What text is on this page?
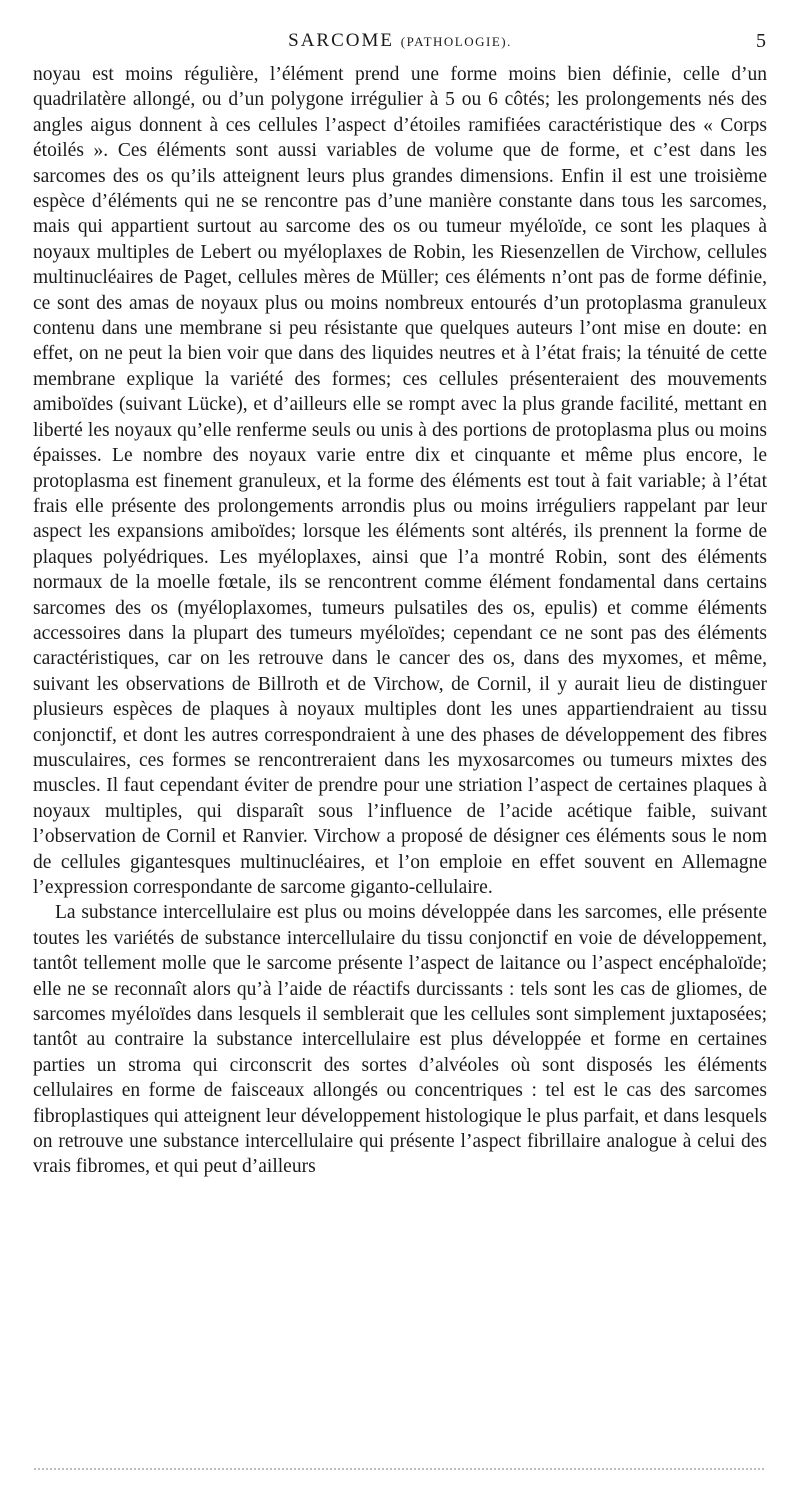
SARCOME (PATHOLOGIE).	5

noyau est moins régulière, l’élément prend une forme moins bien définie, celle d’un quadrilatère allongé, ou d’un polygone irrégulier à 5 ou 6 côtés; les prolongements nés des angles aigus donnent à ces cellules l’aspect d’étoiles ramifiées caractéristique des « Corps étoilés ». Ces éléments sont aussi variables de volume que de forme, et c’est dans les sarcomes des os qu’ils atteignent leurs plus grandes dimensions. Enfin il est une troisième espèce d’éléments qui ne se rencontre pas d’une manière constante dans tous les sarcomes, mais qui appartient surtout au sarcome des os ou tumeur myéloïde, ce sont les plaques à noyaux multiples de Lebert ou myéloplaxes de Robin, les Riesenzellen de Virchow, cellules multinucléaires de Paget, cellules mères de Müller; ces éléments n’ont pas de forme définie, ce sont des amas de noyaux plus ou moins nombreux entourés d’un protoplasma granuleux contenu dans une membrane si peu résistante que quelques auteurs l’ont mise en doute: en effet, on ne peut la bien voir que dans des liquides neutres et à l’état frais; la ténuité de cette membrane explique la variété des formes; ces cellules présenteraient des mouvements amiboïdes (suivant Lücke), et d’ailleurs elle se rompt avec la plus grande facilité, mettant en liberté les noyaux qu’elle renferme seuls ou unis à des portions de protoplasma plus ou moins épaisses. Le nombre des noyaux varie entre dix et cinquante et même plus encore, le protoplasma est finement granuleux, et la forme des éléments est tout à fait variable; à l’état frais elle présente des prolongements arrondis plus ou moins irréguliers rappelant par leur aspect les expansions amiboïdes; lorsque les éléments sont altérés, ils prennent la forme de plaques polyédriques. Les myéloplaxes, ainsi que l’a montré Robin, sont des éléments normaux de la moelle fœtale, ils se rencontrent comme élément fondamental dans certains sarcomes des os (myéloplaxomes, tumeurs pulsatiles des os, epulis) et comme éléments accessoires dans la plupart des tumeurs myéloïdes; cependant ce ne sont pas des éléments caractéristiques, car on les retrouve dans le cancer des os, dans des myxomes, et même, suivant les observations de Billroth et de Virchow, de Cornil, il y aurait lieu de distinguer plusieurs espèces de plaques à noyaux multiples dont les unes appartiendraient au tissu conjonctif, et dont les autres correspondraient à une des phases de développement des fibres musculaires, ces formes se rencontreraient dans les myxosarcomes ou tumeurs mixtes des muscles. Il faut cependant éviter de prendre pour une striation l’aspect de certaines plaques à noyaux multiples, qui disparaît sous l’influence de l’acide acétique faible, suivant l’observation de Cornil et Ranvier. Virchow a proposé de désigner ces éléments sous le nom de cellules gigantesques multinucléaires, et l’on emploie en effet souvent en Allemagne l’expression correspondante de sarcome giganto-cellulaire.

La substance intercellulaire est plus ou moins développée dans les sarcomes, elle présente toutes les variétés de substance intercellulaire du tissu conjonctif en voie de développement, tantôt tellement molle que le sarcome présente l’aspect de laitance ou l’aspect encéphaloïde; elle ne se reconnaît alors qu’à l’aide de réactifs durcissants : tels sont les cas de gliomes, de sarcomes myéloïdes dans lesquels il semblerait que les cellules sont simplement juxtaposées; tantôt au contraire la substance intercellulaire est plus développée et forme en certaines parties un stroma qui circonscrit des sortes d’alvéoles où sont disposés les éléments cellulaires en forme de faisceaux allongés ou concentriques : tel est le cas des sarcomes fibroplastiques qui atteignent leur développement histologique le plus parfait, et dans lesquels on retrouve une substance intercellulaire qui présente l’aspect fibrillaire analogue à celui des vrais fibromes, et qui peut d’ailleurs
